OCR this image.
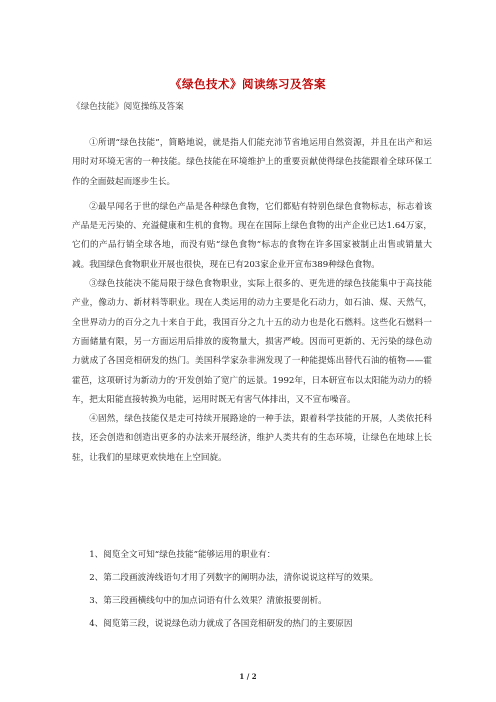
《绿色技术》阅读练习及答案
《绿色技能》阅览操练及答案

①所谓“绿色技能”，简略地说，就是指人们能充沛节省地运用自然资源，并且在出产和运用时对环境无害的一种技能。绿色技能在环境维护上的重要贡献使得绿色技能跟着全球环保工作的全面鼓起而逐步生长。

②最早闻名于世的绿色产品是各种绿色食物，它们都贴有特别色绿色食物标志，标志着该产品是无污染的、充溢健康和生机的食物。现在在国际上绿色食物的出产企业已达1.64万家，它们的产品行销全球各地，而没有贴“绿色食物”标志的食物在许多国家被制止出售或销量大减。我国绿色食物职业开展也很快，现在已有203家企业开宣布389种绿色食物。

③绿色技能决不能局限于绿色食物职业，实际上很多的、更先进的绿色技能集中于高技能产业，像动力、新材料等职业。现在人类运用的动力主要是化石动力，如石油、煤、天然气，全世界动力的百分之九十来自于此，我国百分之九十五的动力也是化石燃料。这些化石燃料一方面储量有限，另一方面运用后排放的废物量大，损害严峻。因而可更新的、无污染的绿色动力就成了各国竞相研发的热门。美国科学家杂非洲发现了一种能提炼出替代石油的植物——霍霍芭，这项研讨为新动力的’开发创始了宽广的远景。1992年，日本研宣布以太阳能为动力的轿车，把太阳能直接转换为电能，运用时既无有害气体排出，又不宣布噪音。

④固然，绿色技能仅是走可持续开展路途的一种手法，跟着科学技能的开展，人类依托科技，还会创造和创造出更多的办法来开展经济，维护人类共有的生态环境，让绿色在地球上长驻，让我们的星球更欢快地在上空回旋。

1、阅览全文可知“绿色技能”能够运用的职业有：
2、第二段画波涛线语句才用了列数字的阐明办法，清你说说这样写的效果。
3、第三段画横线句中的加点词语有什么效果？清旅报要剖析。
4、阅览第三段，说说绿色动力就成了各国竞相研发的热门的主要原因
1 / 2
